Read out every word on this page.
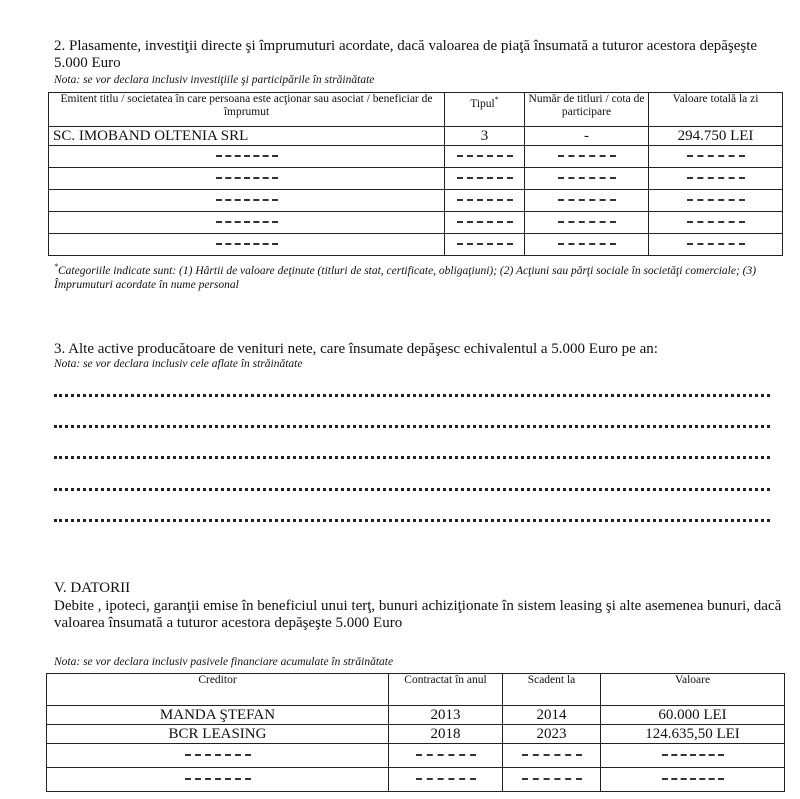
2. Plasamente, investiţii directe şi împrumuturi acordate, dacă valoarea de piaţă însumată a tuturor acestora depăşeşte 5.000 Euro
Nota: se vor declara inclusiv investiţiile şi participările în străinătate
Emitent titlu / societatea în care persoana este acţionar sau asociat / beneficiar de împrumut	Tipul*	Număr de titluri / cota de participare	Valoare totală la zi
SC. IMOBAND OLTENIA SRL	3	-	294.750 LEI

*Categoriile indicate sunt: (1) Hârtii de valoare deţinute (titluri de stat, certificate, obligaţiuni); (2) Acţiuni sau părţi sociale în societăţi comerciale; (3) Împrumuturi acordate în nume personal
3. Alte active producătoare de venituri nete, care însumate depăşesc echivalentul a 5.000 Euro pe an:
Nota: se vor declara inclusiv cele aflate în străinătate
V. DATORII
Debite , ipoteci, garanţii emise în beneficiul unui terţ, bunuri achiziţionate în sistem leasing şi alte asemenea bunuri, dacă valoarea însumată a tuturor acestora depăşeşte 5.000 Euro
Nota: se vor declara inclusiv pasivele financiare acumulate în străinătate
Creditor	Contractat în anul	Scadent la	Valoare
MANDA ŞTEFAN	2013	2014	60.000 LEI
BCR LEASING	2018	2023	124.635,50 LEI
